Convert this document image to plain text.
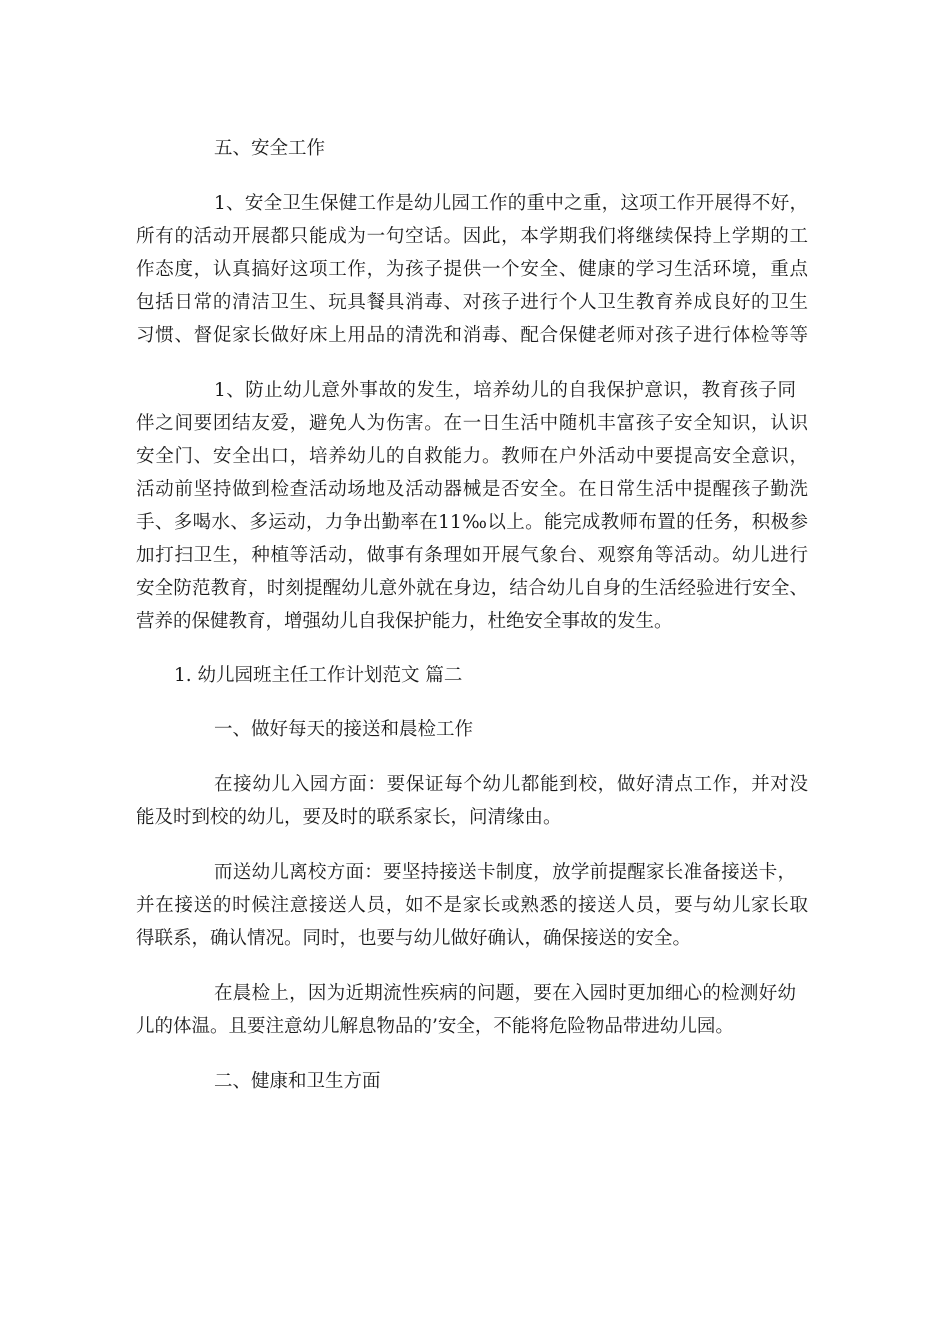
五、安全工作
1、安全卫生保健工作是幼儿园工作的重中之重，这项工作开展得不好，
所有的活动开展都只能成为一句空话。因此，本学期我们将继续保持上学期的工
作态度，认真搞好这项工作，为孩子提供一个安全、健康的学习生活环境，重点
包括日常的清洁卫生、玩具餐具消毒、对孩子进行个人卫生教育养成良好的卫生
习惯、督促家长做好床上用品的清洗和消毒、配合保健老师对孩子进行体检等等
1、防止幼儿意外事故的发生，培养幼儿的自我保护意识，教育孩子同
伴之间要团结友爱，避免人为伤害。在一日生活中随机丰富孩子安全知识，认识
安全门、安全出口，培养幼儿的自救能力。教师在户外活动中要提高安全意识，
活动前坚持做到检查活动场地及活动器械是否安全。在日常生活中提醒孩子勤洗
手、多喝水、多运动，力争出勤率在11‰以上。能完成教师布置的任务，积极参
加打扫卫生，种植等活动，做事有条理如开展气象台、观察角等活动。幼儿进行
安全防范教育，时刻提醒幼儿意外就在身边，结合幼儿自身的生活经验进行安全、
营养的保健教育，增强幼儿自我保护能力，杜绝安全事故的发生。
1. 幼儿园班主任工作计划范文 篇二
一、做好每天的接送和晨检工作
在接幼儿入园方面：要保证每个幼儿都能到校，做好清点工作，并对没
能及时到校的幼儿，要及时的联系家长，问清缘由。
而送幼儿离校方面：要坚持接送卡制度，放学前提醒家长准备接送卡，
并在接送的时候注意接送人员，如不是家长或熟悉的接送人员，要与幼儿家长取
得联系，确认情况。同时，也要与幼儿做好确认，确保接送的安全。
在晨检上，因为近期流性疾病的问题，要在入园时更加细心的检测好幼
儿的体温。且要注意幼儿解息物品的’安全，不能将危险物品带进幼儿园。
二、健康和卫生方面
